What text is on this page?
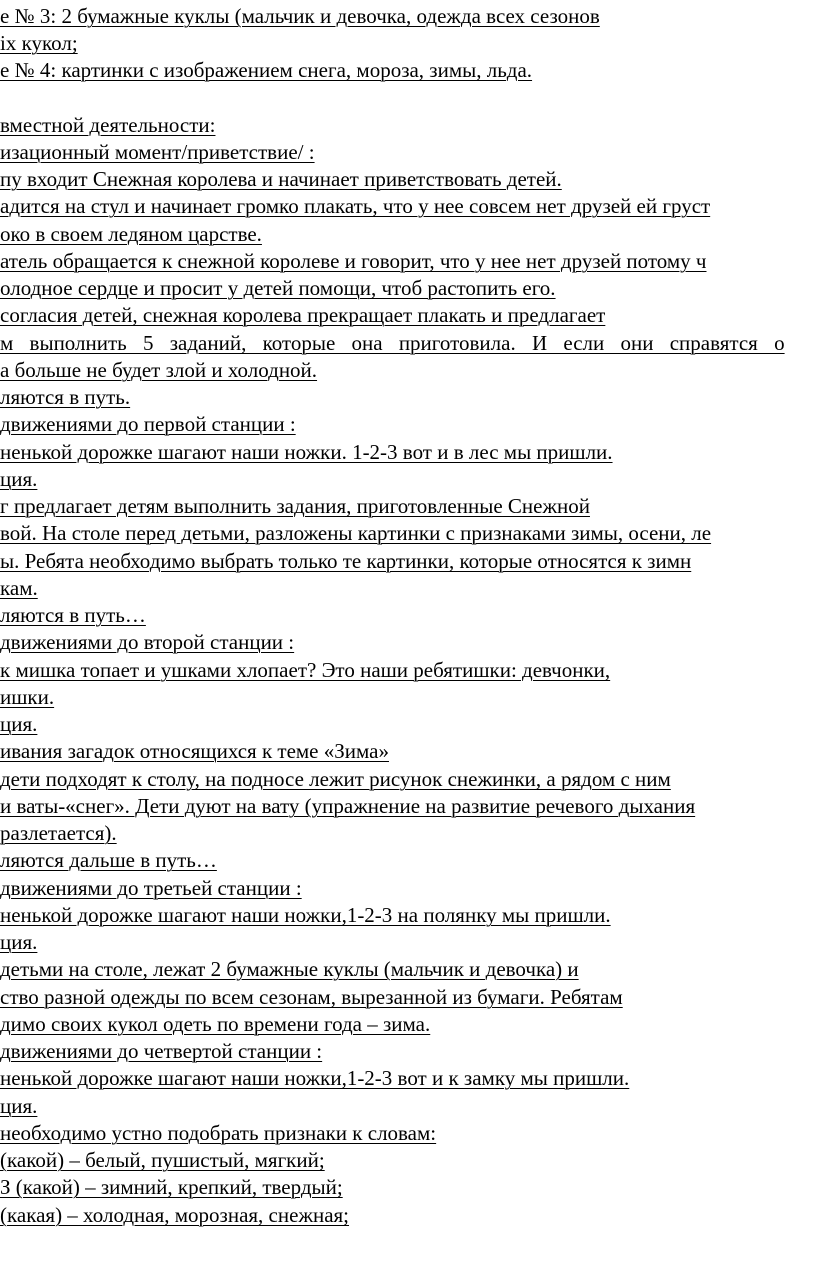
е № 3: 2 бумажные куклы (мальчик и девочка, одежда всех сезонов
іх кукол;
е № 4: картинки с изображением снега, мороза, зимы, льда.
вместной деятельности:
изационный момент/приветствие/ :
пу входит Снежная королева и начинает приветствовать детей.
адится на стул и начинает громко плакать, что у нее совсем нет друзей ей груст
око в своем ледяном царстве.
атель обращается к снежной королеве и говорит, что у нее нет друзей потому ч
олодное сердце и просит у детей помощи, чтоб растопить его.
согласия детей, снежная королева прекращает плакать и предлагает
м выполнить 5 заданий, которые она приготовила. И если они справятся о
а больше не будет злой и холодной.
ляются в путь.
движениями до первой станции :
ненькой дорожке шагают наши ножки. 1-2-3 вот и в лес мы пришли.
ция.
г предлагает детям выполнить задания, приготовленные Снежной
вой. На столе перед детьми, разложены картинки с признаками зимы, осени, ле
ы. Ребята необходимо выбрать только те картинки, которые относятся к зимн
кам.
ляются в путь…
движениями до второй станции :
к мишка топает и ушками хлопает? Это наши ребятишки: девчонки,
ишки.
ция.
ивания загадок относящихся к теме «Зима»
дети подходят к столу, на подносе лежит рисунок снежинки, а рядом с ним
и ваты-«снег». Дети дуют на вату (упражнение на развитие речевого дыхания
разлетается).
ляются дальше в путь…
движениями до третьей станции :
ненькой дорожке шагают наши ножки,1-2-3 на полянку мы пришли.
ция.
детьми на столе, лежат 2 бумажные куклы (мальчик и девочка) и
ство разной одежды по всем сезонам, вырезанной из бумаги. Ребятам
димо своих кукол одеть по времени года – зима.
движениями до четвертой станции :
ненькой дорожке шагают наши ножки,1-2-3 вот и к замку мы пришли.
ция.
необходимо устно подобрать признаки к словам:
(какой) – белый, пушистый, мягкий;
З (какой) – зимний, крепкий, твердый;
(какая) – холодная, морозная, снежная;
